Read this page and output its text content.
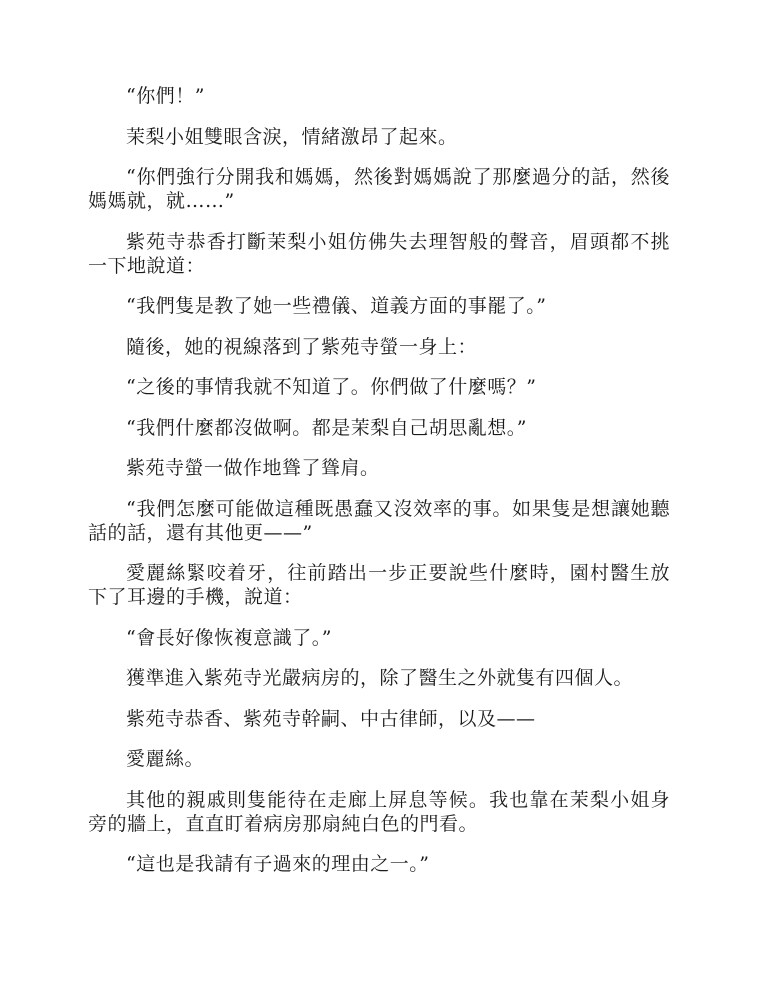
“你們！”

茉梨小姐雙眼含淚，情緒激昂了起來。

“你們強行分開我和媽媽，然後對媽媽說了那麼過分的話，然後媽媽就，就……”

紫苑寺恭香打斷茉梨小姐仿佛失去理智般的聲音，眉頭都不挑一下地說道：

“我們隻是教了她一些禮儀、道義方面的事罷了。”

隨後，她的視線落到了紫苑寺螢一身上：

“之後的事情我就不知道了。你們做了什麼嗎？”

“我們什麼都沒做啊。都是茉梨自己胡思亂想。”

紫苑寺螢一做作地聳了聳肩。

“我們怎麼可能做這種既愚蠢又沒效率的事。如果隻是想讓她聽話的話，還有其他更——”

愛麗絲緊咬着牙，往前踏出一步正要說些什麼時，園村醫生放下了耳邊的手機，說道：

“會長好像恢複意識了。”

獲準進入紫苑寺光嚴病房的，除了醫生之外就隻有四個人。

紫苑寺恭香、紫苑寺幹嗣、中古律師，以及——

愛麗絲。

其他的親戚則隻能待在走廊上屏息等候。我也靠在茉梨小姐身旁的牆上，直直盯着病房那扇純白色的門看。

“這也是我請有子過來的理由之一。”
